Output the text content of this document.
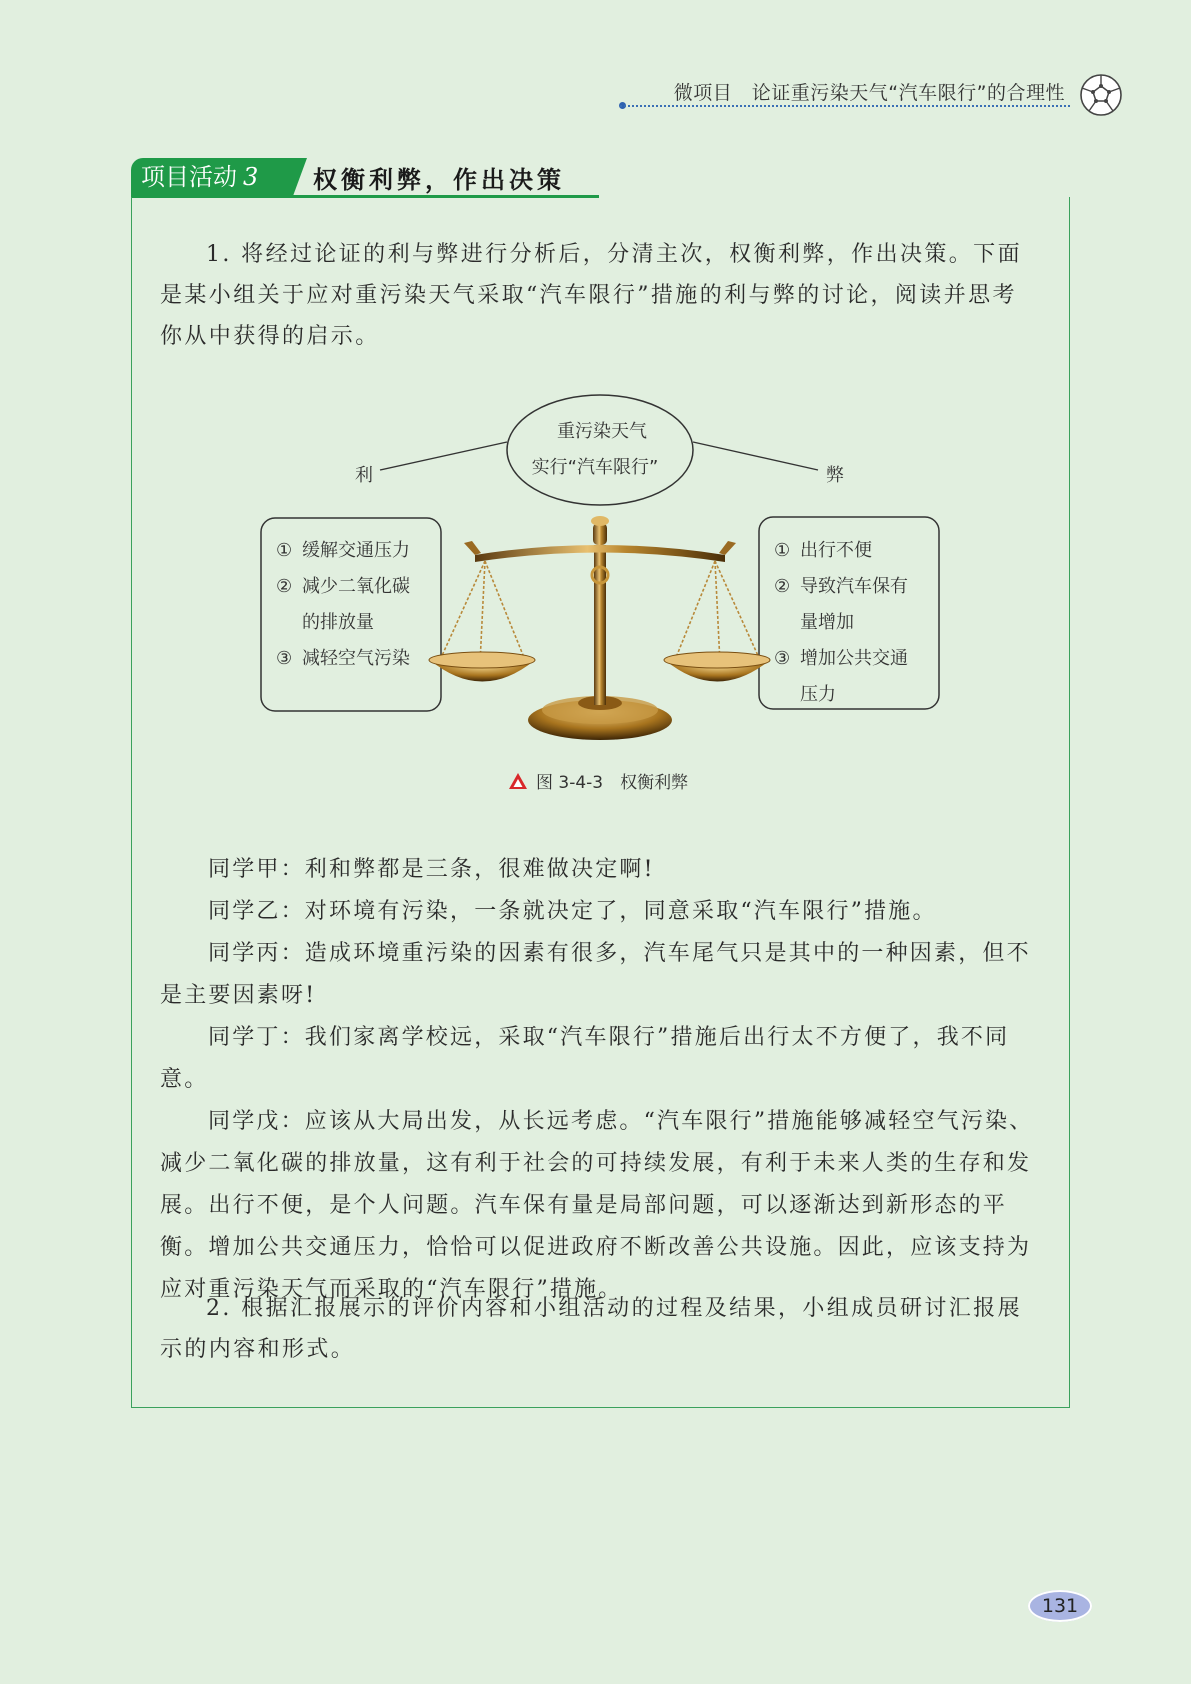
微项目　论证重污染天气“汽车限行”的合理性
项目活动 3	权衡利弊，作出决策

1. 将经过论证的利与弊进行分析后，分清主次，权衡利弊，作出决策。下面是某小组关于应对重污染天气采取“汽车限行”措施的利与弊的讨论，阅读并思考你从中获得的启示。

重污染天气
实行“汽车限行”
利	弊
① 缓解交通压力
② 减少二氧化碳
的排放量
③ 减轻空气污染
① 出行不便
② 导致汽车保有
量增加
③ 增加公共交通
压力
图 3-4-3　权衡利弊

同学甲：利和弊都是三条，很难做决定啊!

同学乙：对环境有污染，一条就决定了，同意采取“汽车限行”措施。

同学丙：造成环境重污染的因素有很多，汽车尾气只是其中的一种因素，但不是主要因素呀!

同学丁：我们家离学校远，采取“汽车限行”措施后出行太不方便了，我不同意。

同学戊：应该从大局出发，从长远考虑。“汽车限行”措施能够减轻空气污染、减少二氧化碳的排放量，这有利于社会的可持续发展，有利于未来人类的生存和发展。出行不便，是个人问题。汽车保有量是局部问题，可以逐渐达到新形态的平衡。增加公共交通压力，恰恰可以促进政府不断改善公共设施。因此，应该支持为应对重污染天气而采取的“汽车限行”措施。

2. 根据汇报展示的评价内容和小组活动的过程及结果，小组成员研讨汇报展示的内容和形式。

131
